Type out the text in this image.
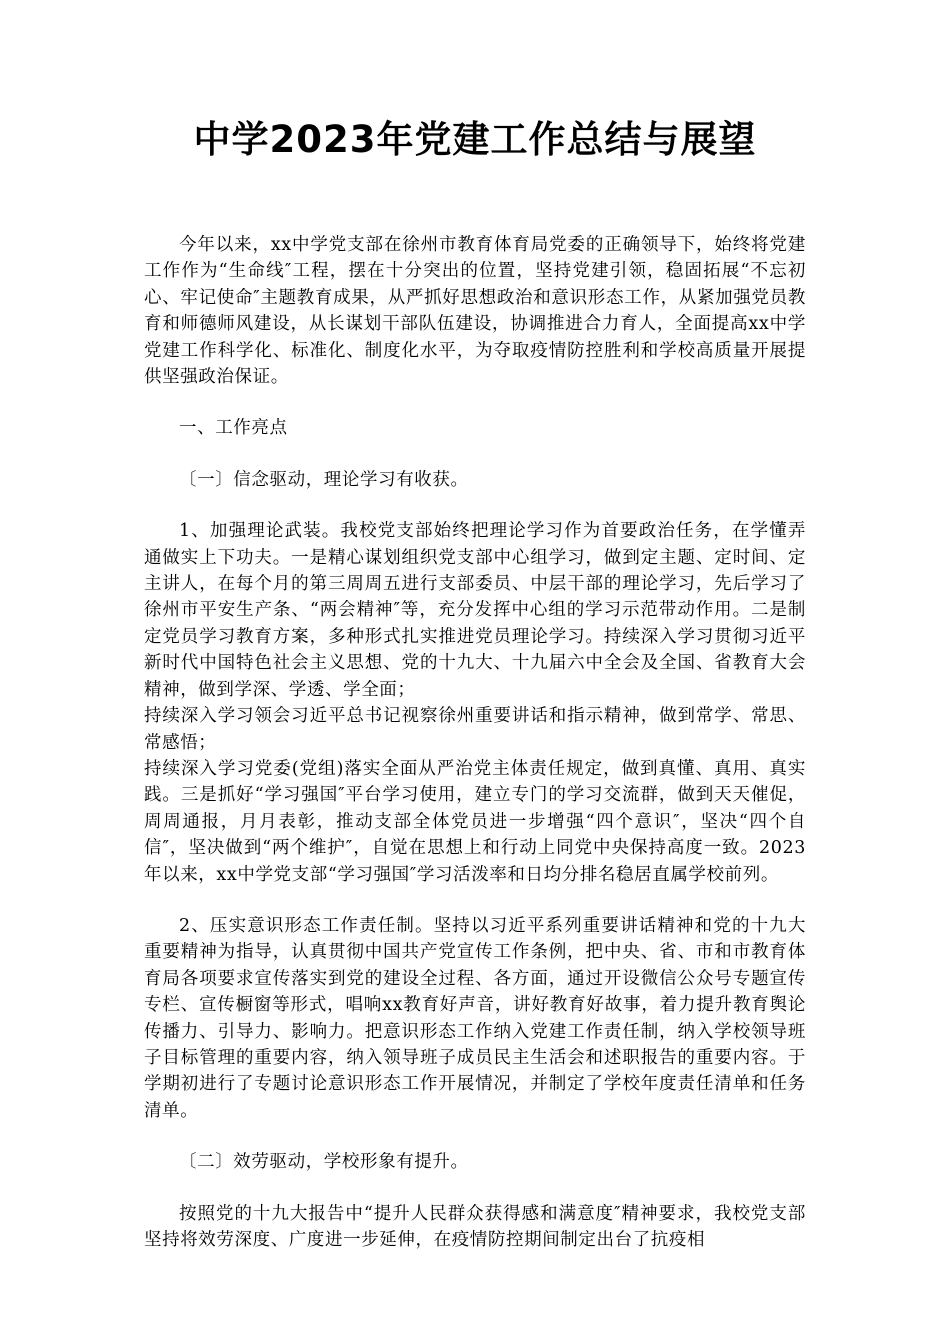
中学2023年党建工作总结与展望

今年以来，xx中学党支部在徐州市教育体育局党委的正确领导下，始终将党建工作作为“生命线″工程，摆在十分突出的位置，坚持党建引领，稳固拓展“不忘初心、牢记使命″主题教育成果，从严抓好思想政治和意识形态工作，从紧加强党员教育和师德师风建设，从长谋划干部队伍建设，协调推进合力育人，全面提高xx中学党建工作科学化、标准化、制度化水平，为夺取疫情防控胜利和学校高质量开展提供坚强政治保证。

一、工作亮点

〔一〕信念驱动，理论学习有收获。

1、加强理论武装。我校党支部始终把理论学习作为首要政治任务，在学懂弄通做实上下功夫。一是精心谋划组织党支部中心组学习，做到定主题、定时间、定主讲人，在每个月的第三周周五进行支部委员、中层干部的理论学习，先后学习了徐州市平安生产条、“两会精神″等，充分发挥中心组的学习示范带动作用。二是制定党员学习教育方案，多种形式扎实推进党员理论学习。持续深入学习贯彻习近平新时代中国特色社会主义思想、党的十九大、十九届六中全会及全国、省教育大会精神，做到学深、学透、学全面；

持续深入学习领会习近平总书记视察徐州重要讲话和指示精神，做到常学、常思、常感悟；

持续深入学习党委(党组)落实全面从严治党主体责任规定，做到真懂、真用、真实践。三是抓好“学习强国″平台学习使用，建立专门的学习交流群，做到天天催促，周周通报，月月表彰，推动支部全体党员进一步增强“四个意识″，坚决“四个自信″，坚决做到“两个维护″，自觉在思想上和行动上同党中央保持高度一致。2023年以来，xx中学党支部“学习强国″学习活泼率和日均分排名稳居直属学校前列。

2、压实意识形态工作责任制。坚持以习近平系列重要讲话精神和党的十九大重要精神为指导，认真贯彻中国共产党宣传工作条例，把中央、省、市和市教育体育局各项要求宣传落实到党的建设全过程、各方面，通过开设微信公众号专题宣传专栏、宣传橱窗等形式，唱响xx教育好声音，讲好教育好故事，着力提升教育舆论传播力、引导力、影响力。把意识形态工作纳入党建工作责任制，纳入学校领导班子目标管理的重要内容，纳入领导班子成员民主生活会和述职报告的重要内容。于学期初进行了专题讨论意识形态工作开展情况，并制定了学校年度责任清单和任务清单。

〔二〕效劳驱动，学校形象有提升。

按照党的十九大报告中“提升人民群众获得感和满意度″精神要求，我校党支部坚持将效劳深度、广度进一步延伸，在疫情防控期间制定出台了抗疫相
